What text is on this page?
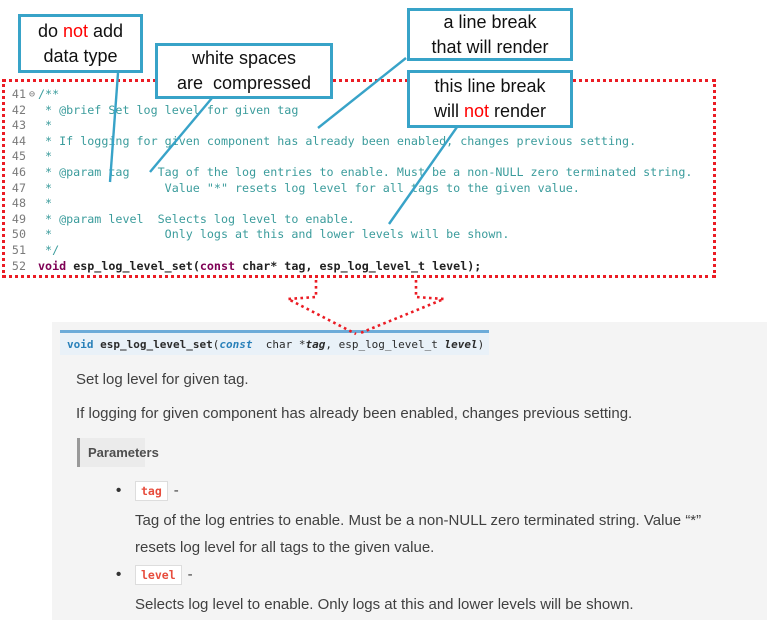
void esp_log_level_set(const  char *tag, esp_log_level_t level)
Set log level for given tag.
If logging for given component has already been enabled, changes previous setting.
Parameters
•	tag -
Tag of the log entries to enable. Must be a non-NULL zero terminated string. Value “*”
resets log level for all tags to the given value.
•	level -
Selects log level to enable. Only logs at this and lower levels will be shown.
41 ⊖ /**
42 * @brief Set log level for given tag
43 *
44 * If logging for given component has already been enabled, changes previous setting.
45 *
46 * @param tag    Tag of the log entries to enable. Must be a non-NULL zero terminated string.
47 *                Value "*" resets log level for all tags to the given value.
48 *
49 * @param level  Selects log level to enable.
50 *                Only logs at this and lower levels will be shown.
51 */
52 void esp_log_level_set(const char* tag, esp_log_level_t level);
do not add
data type	white spaces
are  compressed
a line break
that will render
this line break
will not render
